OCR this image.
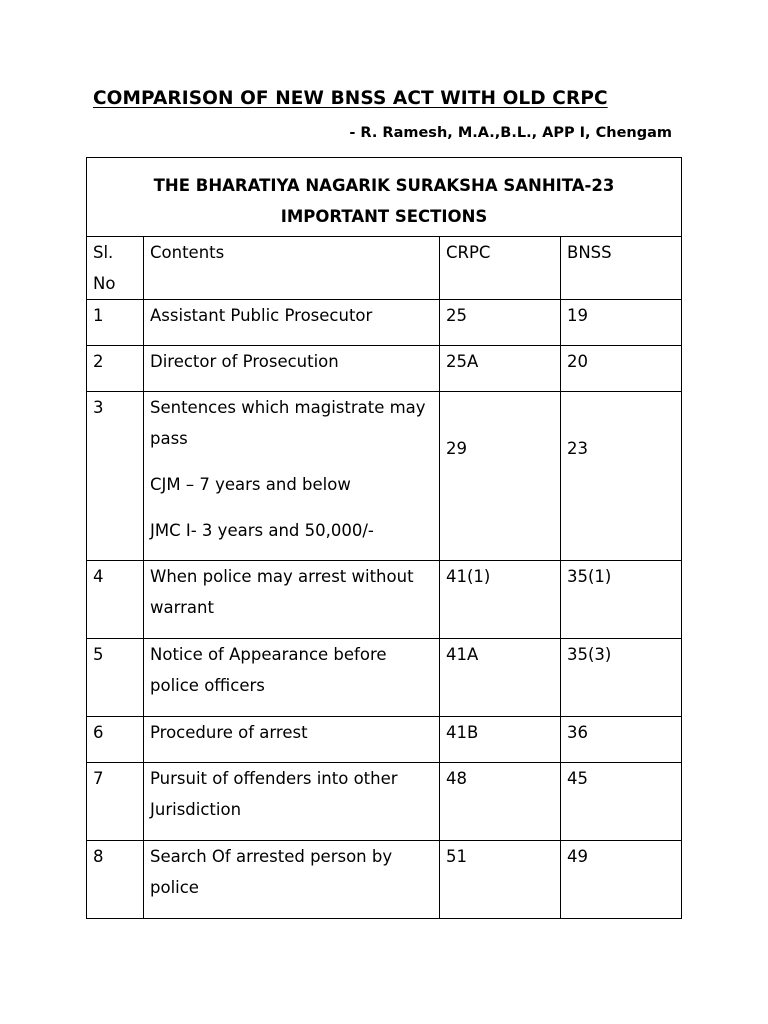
COMPARISON OF NEW BNSS ACT WITH OLD CRPC
- R. Ramesh, M.A.,B.L., APP I, Chengam
THE BHARATIYA NAGARIK SURAKSHA SANHITA-23
IMPORTANT SECTIONS			

Sl. No	Contents	CRPC	BNSS
1	Assistant Public Prosecutor	25	19
2	Director of Prosecution	25A	20
3	Sentences which magistrate may pass
CJM – 7 years and below
JMC I- 3 years and 50,000/-	29	23
4	When police may arrest without warrant	41(1)	35(1)
5	Notice of Appearance before police officers	41A	35(3)
6	Procedure of arrest	41B	36
7	Pursuit of offenders into other Jurisdiction	48	45
8	Search Of arrested person by police	51	49
